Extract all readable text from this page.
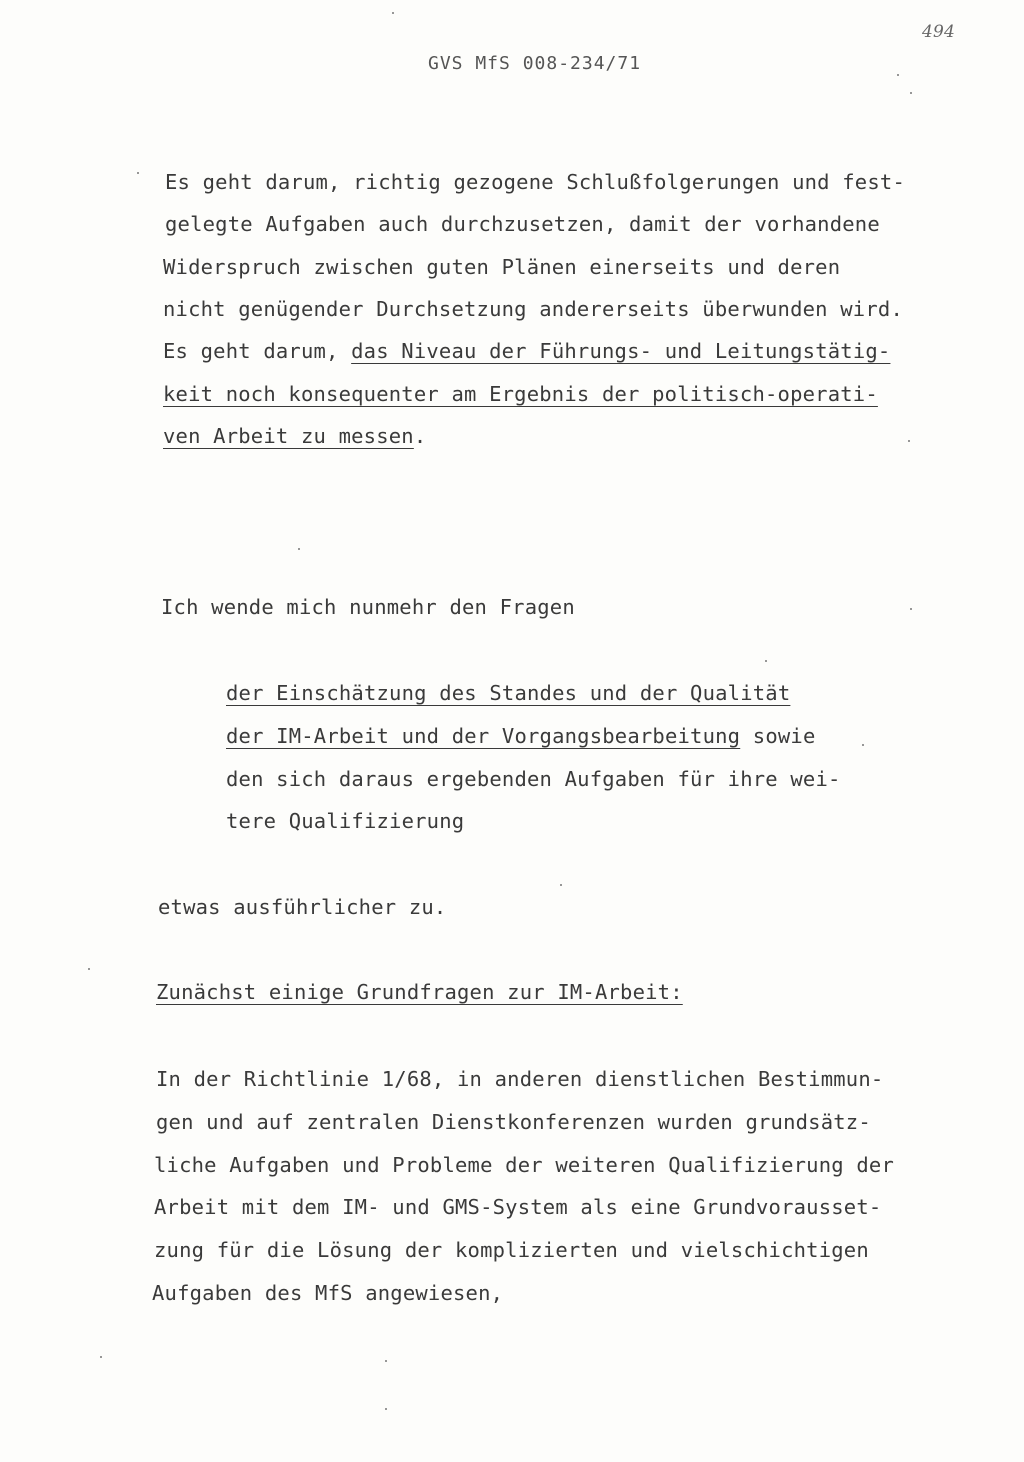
GVS MfS 008-234/71
494
Es geht darum, richtig gezogene Schlußfolgerungen und fest-
gelegte Aufgaben auch durchzusetzen, damit der vorhandene
Widerspruch zwischen guten Plänen einerseits und deren
nicht genügender Durchsetzung andererseits überwunden wird.
Es geht darum, das Niveau der Führungs- und Leitungstätig-
keit noch konsequenter am Ergebnis der politisch-operati-
ven Arbeit zu messen.
Ich wende mich nunmehr den Fragen
der Einschätzung des Standes und der Qualität
der IM-Arbeit und der Vorgangsbearbeitung sowie
den sich daraus ergebenden Aufgaben für ihre wei-
tere Qualifizierung
etwas ausführlicher zu.
Zunächst einige Grundfragen zur IM-Arbeit:
In der Richtlinie 1/68, in anderen dienstlichen Bestimmun-
gen und auf zentralen Dienstkonferenzen wurden grundsätz-
liche Aufgaben und Probleme der weiteren Qualifizierung der
Arbeit mit dem IM- und GMS-System als eine Grundvorausset-
zung für die Lösung der komplizierten und vielschichtigen
Aufgaben des MfS angewiesen,
